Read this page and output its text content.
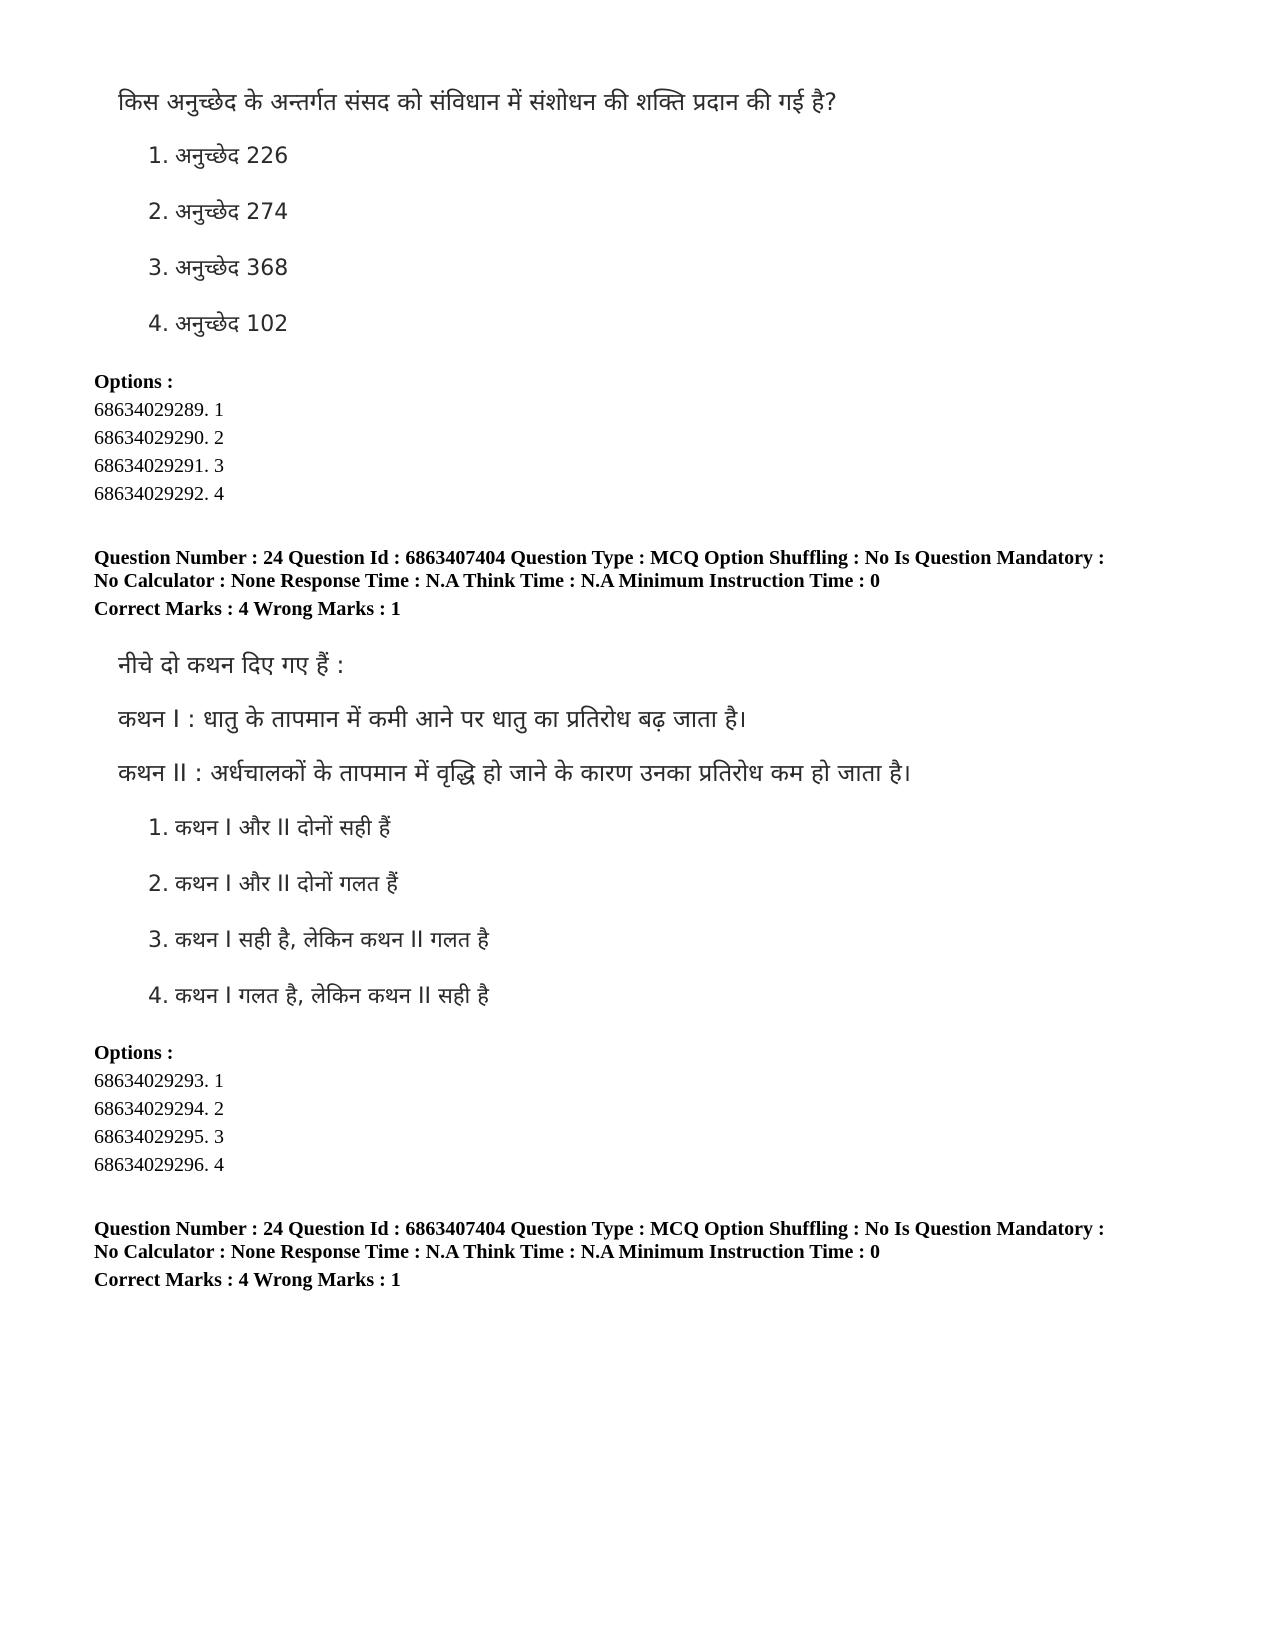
किस अनुच्छेद के अन्तर्गत संसद को संविधान में संशोधन की शक्ति प्रदान की गई है?
1. अनुच्छेद 226
2. अनुच्छेद 274
3. अनुच्छेद 368
4. अनुच्छेद 102
Options :
68634029289. 1
68634029290. 2
68634029291. 3
68634029292. 4
Question Number : 24 Question Id : 6863407404 Question Type : MCQ Option Shuffling : No Is Question Mandatory :
No Calculator : None Response Time : N.A Think Time : N.A Minimum Instruction Time : 0
Correct Marks : 4 Wrong Marks : 1
नीचे दो कथन दिए गए हैं :
कथन I : धातु के तापमान में कमी आने पर धातु का प्रतिरोध बढ़ जाता है।
कथन II : अर्धचालकों के तापमान में वृद्धि हो जाने के कारण उनका प्रतिरोध कम हो जाता है।
1. कथन I और II दोनों सही हैं
2. कथन I और II दोनों गलत हैं
3. कथन I सही है, लेकिन कथन II गलत है
4. कथन I गलत है, लेकिन कथन II सही है
Options :
68634029293. 1
68634029294. 2
68634029295. 3
68634029296. 4
Question Number : 24 Question Id : 6863407404 Question Type : MCQ Option Shuffling : No Is Question Mandatory :
No Calculator : None Response Time : N.A Think Time : N.A Minimum Instruction Time : 0
Correct Marks : 4 Wrong Marks : 1
